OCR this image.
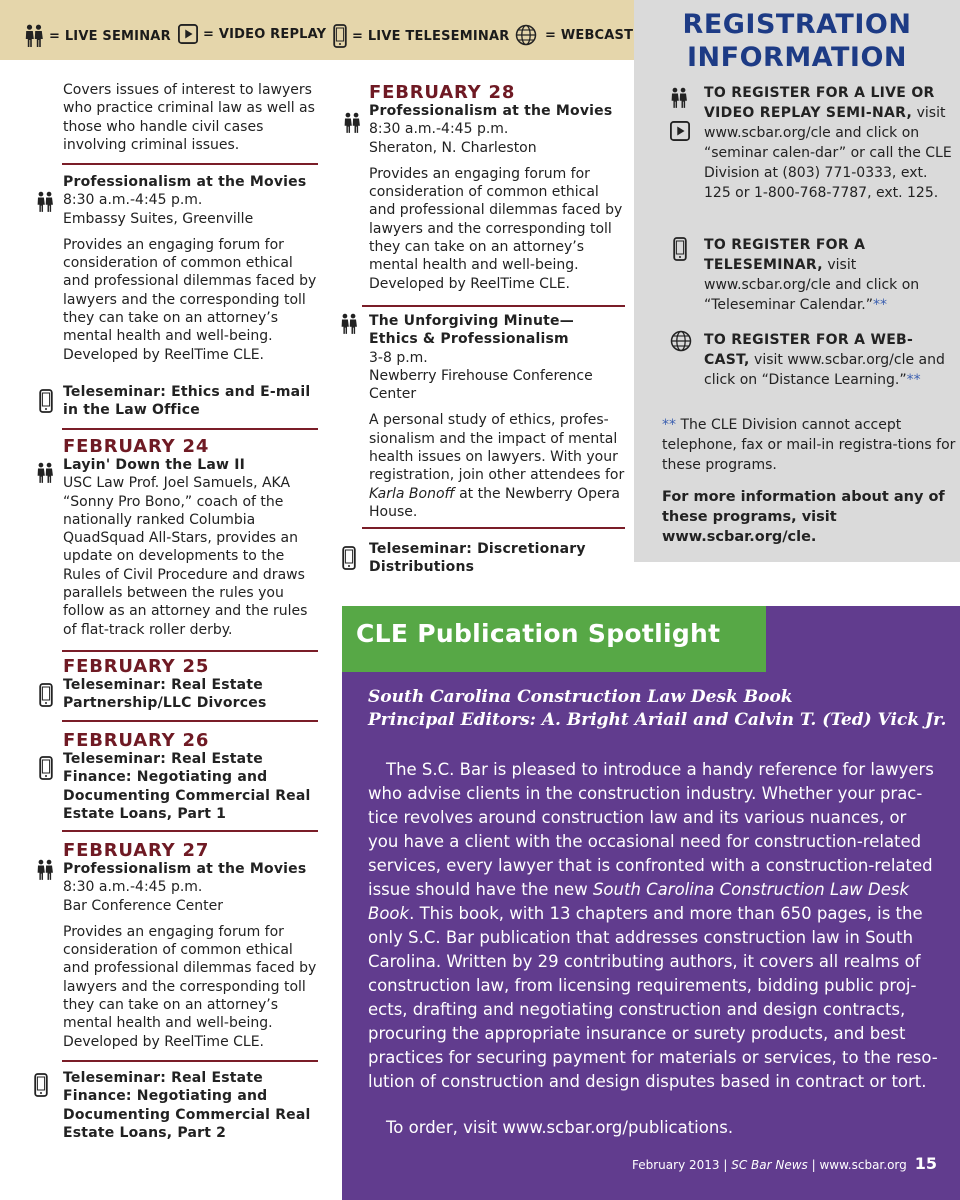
= LIVE SEMINAR = VIDEO REPLAY = LIVE TELESEMINAR	= WEBCAST	REGISTRATION
INFORMATION
TO REGISTER FOR A LIVE OR VIDEO REPLAY SEMI-NAR, visit www.scbar.org/cle and click on “seminar calen-dar” or call the CLE Division at (803) 771-0333, ext. 125 or 1-800-768-7787, ext. 125.
TO REGISTER FOR A TELESEMINAR, visit www.scbar.org/cle and click on “Teleseminar Calendar.”**
TO REGISTER FOR A WEB-CAST, visit www.scbar.org/cle and click on “Distance Learning.”**
** The CLE Division cannot accept telephone, fax or mail-in registra-tions for these programs.
For more information about any of these programs, visit www.scbar.org/cle.

Covers issues of interest to lawyers who practice criminal law as well as those who handle civil cases involving criminal issues.

Professionalism at the Movies

8:30 a.m.-4:45 p.m.

Embassy Suites, Greenville

Provides an engaging forum for consideration of common ethical and professional dilemmas faced by lawyers and the corresponding toll they can take on an attorney’s mental health and well-being. Developed by ReelTime CLE.

Teleseminar: Ethics and E-mail in the Law Office

FEBRUARY 24

Layin' Down the Law II

USC Law Prof. Joel Samuels, AKA “Sonny Pro Bono,” coach of the nationally ranked Columbia QuadSquad All-Stars, provides an update on developments to the Rules of Civil Procedure and draws parallels between the rules you follow as an attorney and the rules of flat-track roller derby.

FEBRUARY 25

Teleseminar: Real Estate Partnership/LLC Divorces

FEBRUARY 26

Teleseminar: Real Estate Finance: Negotiating and Documenting Commercial Real Estate Loans, Part 1

FEBRUARY 27

Professionalism at the Movies

8:30 a.m.-4:45 p.m.

Bar Conference Center

Provides an engaging forum for consideration of common ethical and professional dilemmas faced by lawyers and the corresponding toll they can take on an attorney’s mental health and well-being. Developed by ReelTime CLE.

Teleseminar: Real Estate Finance: Negotiating and Documenting Commercial Real Estate Loans, Part 2

FEBRUARY 28

Professionalism at the Movies

8:30 a.m.-4:45 p.m.

Sheraton, N. Charleston

Provides an engaging forum for consideration of common ethical and professional dilemmas faced by lawyers and the corresponding toll they can take on an attorney’s mental health and well-being. Developed by ReelTime CLE.

The Unforgiving Minute— Ethics & Professionalism

3-8 p.m.

Newberry Firehouse Conference Center

A personal study of ethics, profes-sionalism and the impact of mental health issues on lawyers. With your registration, join other attendees for Karla Bonoff at the Newberry Opera House.

Teleseminar: Discretionary Distributions

CLE Publication Spotlight
South Carolina Construction Law Desk Book
Principal Editors: A. Bright Ariail and Calvin T. (Ted) Vick Jr.

The S.C. Bar is pleased to introduce a handy reference for lawyers who advise clients in the construction industry. Whether your prac-tice revolves around construction law and its various nuances, or you have a client with the occasional need for construction-related services, every lawyer that is confronted with a construction-related issue should have the new South Carolina Construction Law Desk Book. This book, with 13 chapters and more than 650 pages, is the only S.C. Bar publication that addresses construction law in South Carolina. Written by 29 contributing authors, it covers all realms of construction law, from licensing requirements, bidding public proj-ects, drafting and negotiating construction and design contracts, procuring the appropriate insurance or surety products, and best practices for securing payment for materials or services, to the reso-lution of construction and design disputes based in contract or tort.

To order, visit www.scbar.org/publications.
February 2013 | SC Bar News | www.scbar.org 15
